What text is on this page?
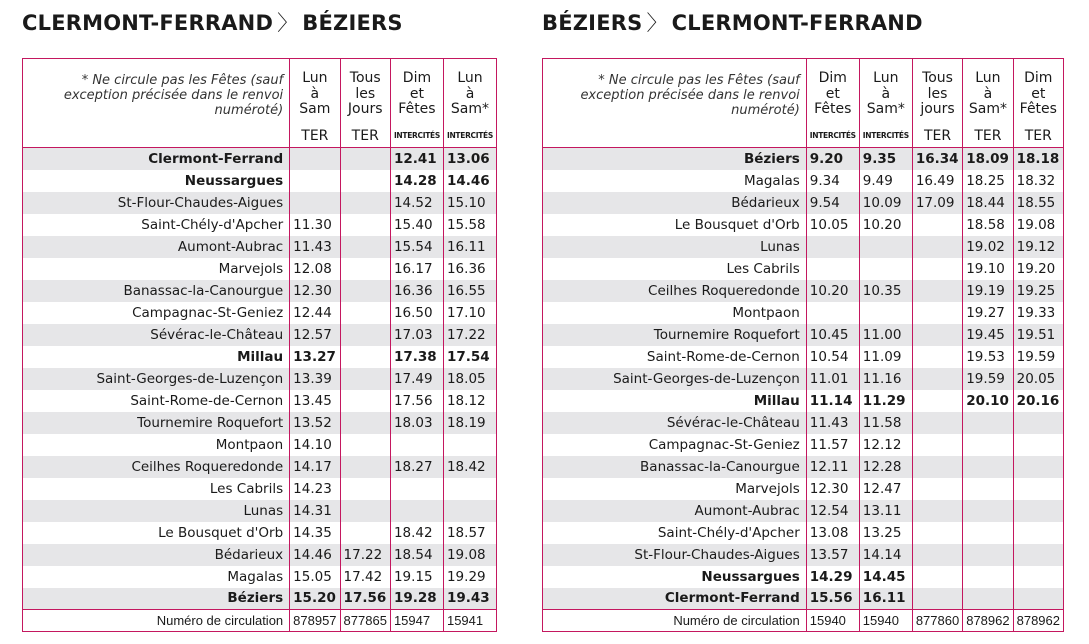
CLERMONT-FERRAND 〉 BÉZIERS
* Ne circule pas les Fêtes (sauf exception précisée dans le renvoi numéroté)	Lun
à
Sam	Tous
les
Jours	Dim
et
Fêtes	Lun
à
Sam*
	TER	TER	INTERCITÉS	INTERCITÉS
Clermont-Ferrand			12.41	13.06
Neussargues			14.28	14.46
St-Flour-Chaudes-Aigues			14.52	15.10
Saint-Chély-d'Apcher	11.30		15.40	15.58
Aumont-Aubrac	11.43		15.54	16.11
Marvejols	12.08		16.17	16.36
Banassac-la-Canourgue	12.30		16.36	16.55
Campagnac-St-Geniez	12.44		16.50	17.10
Sévérac-le-Château	12.57		17.03	17.22
Millau	13.27		17.38	17.54
Saint-Georges-de-Luzençon	13.39		17.49	18.05
Saint-Rome-de-Cernon	13.45		17.56	18.12
Tournemire Roquefort	13.52		18.03	18.19
Montpaon	14.10			
Ceilhes Roqueredonde	14.17		18.27	18.42
Les Cabrils	14.23			
Lunas	14.31			
Le Bousquet d'Orb	14.35		18.42	18.57
Bédarieux	14.46	17.22	18.54	19.08
Magalas	15.05	17.42	19.15	19.29
Béziers	15.20	17.56	19.28	19.43
Numéro de circulation	878957	877865	15947	15941
BÉZIERS 〉 CLERMONT-FERRAND
* Ne circule pas les Fêtes (sauf exception précisée dans le renvoi numéroté)	Dim
et
Fêtes	Lun
à
Sam*	Tous
les
jours	Lun
à
Sam*	Dim
et
Fêtes
	INTERCITÉS	INTERCITÉS	TER	TER	TER
Béziers	9.20	9.35	16.34	18.09	18.18
Magalas	9.34	9.49	16.49	18.25	18.32
Bédarieux	9.54	10.09	17.09	18.44	18.55
Le Bousquet d'Orb	10.05	10.20		18.58	19.08
Lunas				19.02	19.12
Les Cabrils				19.10	19.20
Ceilhes Roqueredonde	10.20	10.35		19.19	19.25
Montpaon				19.27	19.33
Tournemire Roquefort	10.45	11.00		19.45	19.51
Saint-Rome-de-Cernon	10.54	11.09		19.53	19.59
Saint-Georges-de-Luzençon	11.01	11.16		19.59	20.05
Millau	11.14	11.29		20.10	20.16
Sévérac-le-Château	11.43	11.58			
Campagnac-St-Geniez	11.57	12.12			
Banassac-la-Canourgue	12.11	12.28			
Marvejols	12.30	12.47			
Aumont-Aubrac	12.54	13.11			
Saint-Chély-d'Apcher	13.08	13.25			
St-Flour-Chaudes-Aigues	13.57	14.14			
Neussargues	14.29	14.45			
Clermont-Ferrand	15.56	16.11			
Numéro de circulation	15940	15940	877860	878962	878962
